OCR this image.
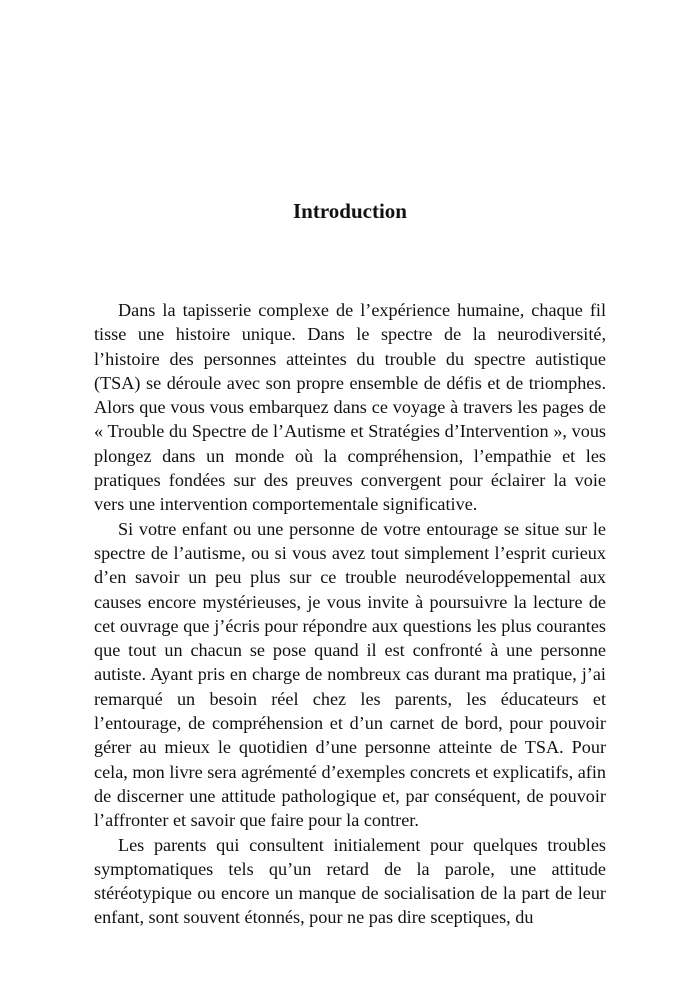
Introduction

Dans la tapisserie complexe de l’expérience humaine, chaque fil tisse une histoire unique. Dans le spectre de la neurodiversité, l’histoire des personnes atteintes du trouble du spectre autistique (TSA) se déroule avec son propre ensemble de défis et de triomphes. Alors que vous vous embarquez dans ce voyage à travers les pages de « Trouble du Spectre de l’Autisme et Stratégies d’Intervention », vous plongez dans un monde où la compréhension, l’empathie et les pratiques fondées sur des preuves convergent pour éclairer la voie vers une intervention comportementale significative.

Si votre enfant ou une personne de votre entourage se situe sur le spectre de l’autisme, ou si vous avez tout simplement l’esprit curieux d’en savoir un peu plus sur ce trouble neurodéveloppemental aux causes encore mystérieuses, je vous invite à poursuivre la lecture de cet ouvrage que j’écris pour répondre aux questions les plus courantes que tout un chacun se pose quand il est confronté à une personne autiste. Ayant pris en charge de nombreux cas durant ma pratique, j’ai remarqué un besoin réel chez les parents, les éducateurs et l’entourage, de compréhension et d’un carnet de bord, pour pouvoir gérer au mieux le quotidien d’une personne atteinte de TSA. Pour cela, mon livre sera agrémenté d’exemples concrets et explicatifs, afin de discerner une attitude pathologique et, par conséquent, de pouvoir l’affronter et savoir que faire pour la contrer.

Les parents qui consultent initialement pour quelques troubles symptomatiques tels qu’un retard de la parole, une attitude stéréotypique ou encore un manque de socialisation de la part de leur enfant, sont souvent étonnés, pour ne pas dire sceptiques, du
